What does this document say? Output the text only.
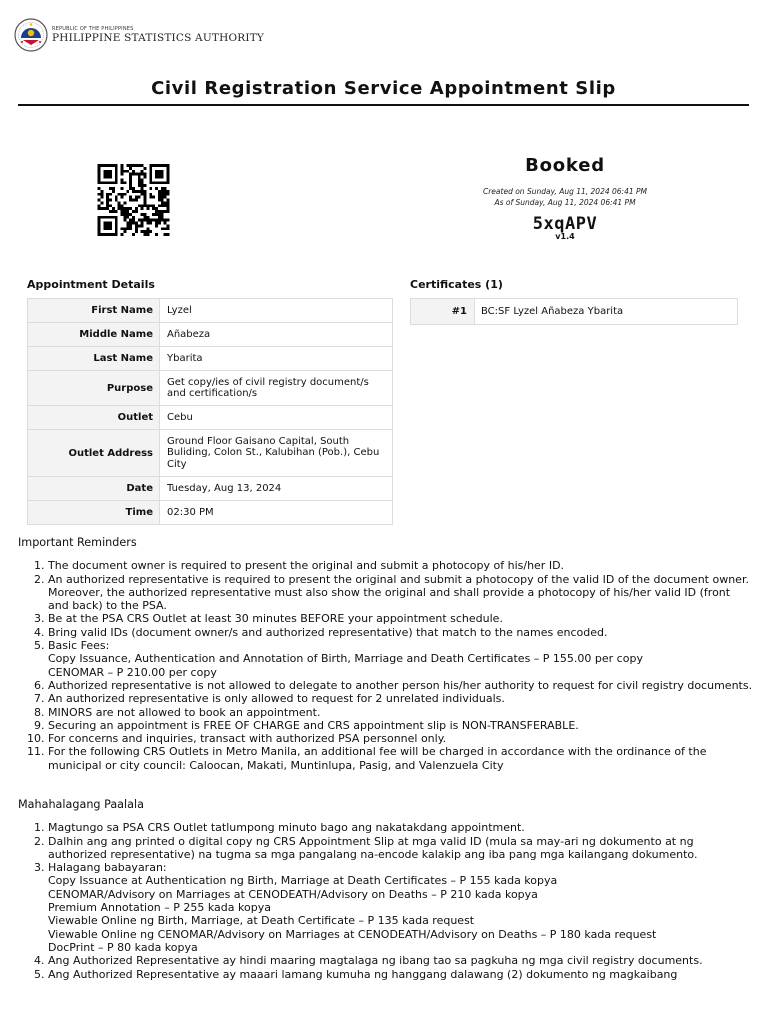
REPUBLIC OF THE PHILIPPINES
PHILIPPINE STATISTICS AUTHORITY
Civil Registration Service Appointment Slip
Booked
Created on Sunday, Aug 11, 2024 06:41 PM
As of Sunday, Aug 11, 2024 06:41 PM
5xqAPV
v1.4
Appointment Details
First Name	Lyzel
Middle Name	Añabeza
Last Name	Ybarita
Purpose	Get copy/ies of civil registry document/s and certification/s
Outlet	Cebu
Outlet Address	Ground Floor Gaisano Capital, South Buliding, Colon St., Kalubihan (Pob.), Cebu City
Date	Tuesday, Aug 13, 2024
Time	02:30 PM
Certificates (1)
#1	BC:SF Lyzel Añabeza Ybarita
Important Reminders
1. The document owner is required to present the original and submit a photocopy of his/her ID.
2. An authorized representative is required to present the original and submit a photocopy of the valid ID of the document owner. Moreover, the authorized representative must also show the original and shall provide a photocopy of his/her valid ID (front and back) to the PSA.
3. Be at the PSA CRS Outlet at least 30 minutes BEFORE your appointment schedule.
4. Bring valid IDs (document owner/s and authorized representative) that match to the names encoded.
5. Basic Fees:
Copy Issuance, Authentication and Annotation of Birth, Marriage and Death Certificates – P 155.00 per copy
CENOMAR – P 210.00 per copy
6. Authorized representative is not allowed to delegate to another person his/her authority to request for civil registry documents.
7. An authorized representative is only allowed to request for 2 unrelated individuals.
8. MINORS are not allowed to book an appointment.
9. Securing an appointment is FREE OF CHARGE and CRS appointment slip is NON-TRANSFERABLE.
10. For concerns and inquiries, transact with authorized PSA personnel only.
11. For the following CRS Outlets in Metro Manila, an additional fee will be charged in accordance with the ordinance of the municipal or city council: Caloocan, Makati, Muntinlupa, Pasig, and Valenzuela City
Mahahalagang Paalala
1. Magtungo sa PSA CRS Outlet tatlumpong minuto bago ang nakatakdang appointment.
2. Dalhin ang ang printed o digital copy ng CRS Appointment Slip at mga valid ID (mula sa may-ari ng dokumento at ng authorized representative) na tugma sa mga pangalang na-encode kalakip ang iba pang mga kailangang dokumento.
3. Halagang babayaran:
Copy Issuance at Authentication ng Birth, Marriage at Death Certificates – P 155 kada kopya
CENOMAR/Advisory on Marriages at CENODEATH/Advisory on Deaths – P 210 kada kopya
Premium Annotation – P 255 kada kopya
Viewable Online ng Birth, Marriage, at Death Certificate – P 135 kada request
Viewable Online ng CENOMAR/Advisory on Marriages at CENODEATH/Advisory on Deaths – P 180 kada request
DocPrint – P 80 kada kopya
4. Ang Authorized Representative ay hindi maaring magtalaga ng ibang tao sa pagkuha ng mga civil registry documents.
5. Ang Authorized Representative ay maaari lamang kumuha ng hanggang dalawang (2) dokumento ng magkaibang
